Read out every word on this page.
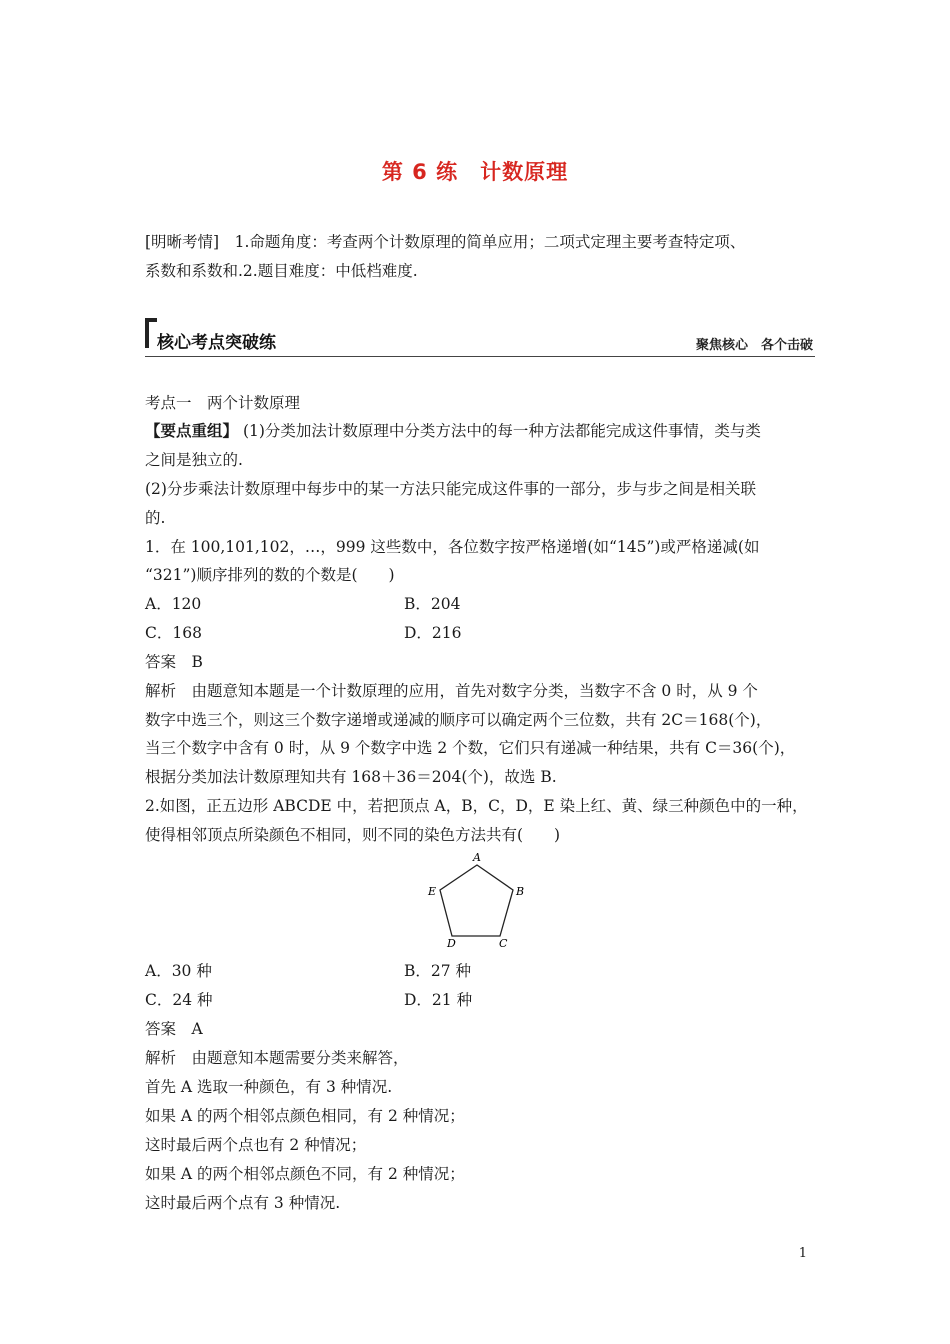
第 6 练　计数原理
[明晰考情]　1.命题角度：考查两个计数原理的简单应用；二项式定理主要考查特定项、
系数和系数和.2.题目难度：中低档难度.
核心考点突破练	聚焦核心　各个击破
考点一　两个计数原理
【要点重组】 (1)分类加法计数原理中分类方法中的每一种方法都能完成这件事情，类与类
之间是独立的.
(2)分步乘法计数原理中每步中的某一方法只能完成这件事的一部分，步与步之间是相关联
的.
1．在 100,101,102，…，999 这些数中，各位数字按严格递增(如“145”)或严格递减(如
“321”)顺序排列的数的个数是(　　)
A．120	B．204
C．168	D．216
答案　B
解析　由题意知本题是一个计数原理的应用，首先对数字分类，当数字不含 0 时，从 9 个
数字中选三个，则这三个数字递增或递减的顺序可以确定两个三位数，共有 2C＝168(个)，
当三个数字中含有 0 时，从 9 个数字中选 2 个数，它们只有递减一种结果，共有 C＝36(个)，
根据分类加法计数原理知共有 168＋36＝204(个)，故选 B.
2.如图，正五边形 ABCDE 中，若把顶点 A，B，C，D，E 染上红、黄、绿三种颜色中的一种，
使得相邻顶点所染颜色不相同，则不同的染色方法共有(　　)
A
B
C
D
E
A．30 种	B．27 种
C．24 种	D．21 种
答案　A
解析　由题意知本题需要分类来解答，
首先 A 选取一种颜色，有 3 种情况.
如果 A 的两个相邻点颜色相同，有 2 种情况；
这时最后两个点也有 2 种情况；
如果 A 的两个相邻点颜色不同，有 2 种情况；
这时最后两个点有 3 种情况.
1
